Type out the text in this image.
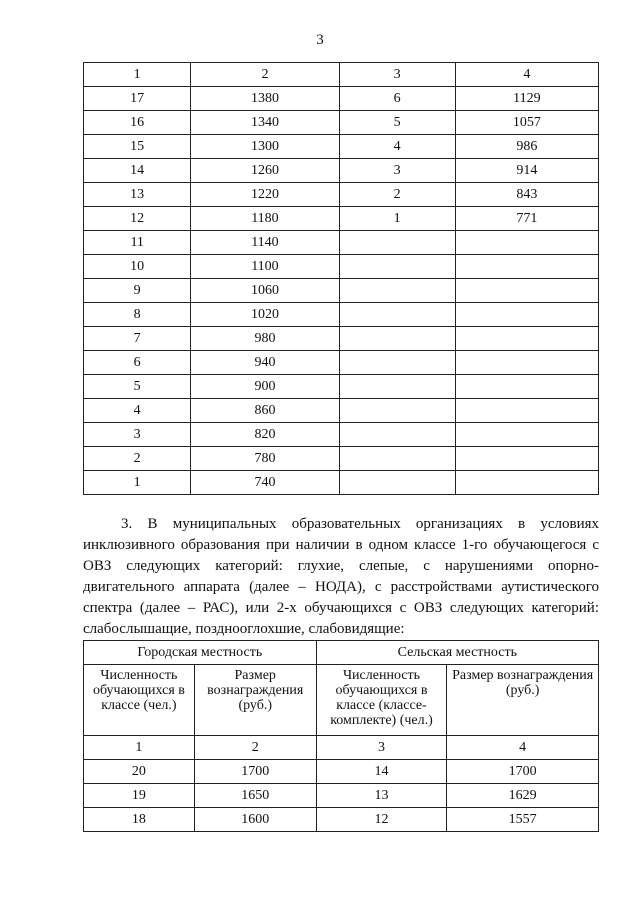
3
1	2	3	4
17	1380	6	1129
16	1340	5	1057
15	1300	4	986
14	1260	3	914
13	1220	2	843
12	1180	1	771
11	1140		
10	1100		
9	1060		
8	1020		
7	980		
6	940		
5	900		
4	860		
3	820		
2	780		
1	740		

3. В муниципальных образовательных организациях в условиях инклюзивного образования при наличии в одном классе 1-го обучающегося с ОВЗ следующих категорий: глухие, слепые, с нарушениями опорно-двигательного аппарата (далее – НОДА), с расстройствами аутистического спектра (далее – РАС), или 2-х обучающихся с ОВЗ следующих категорий: слабослышащие, позднооглохшие, слабовидящие:

Городская местность		Сельская местность	
Численность обучающихся в классе (чел.)	Размер вознаграждения (руб.)	Численность обучающихся в классе (классе-комплекте) (чел.)	Размер вознаграждения (руб.)
1	2	3	4
20	1700	14	1700
19	1650	13	1629
18	1600	12	1557
